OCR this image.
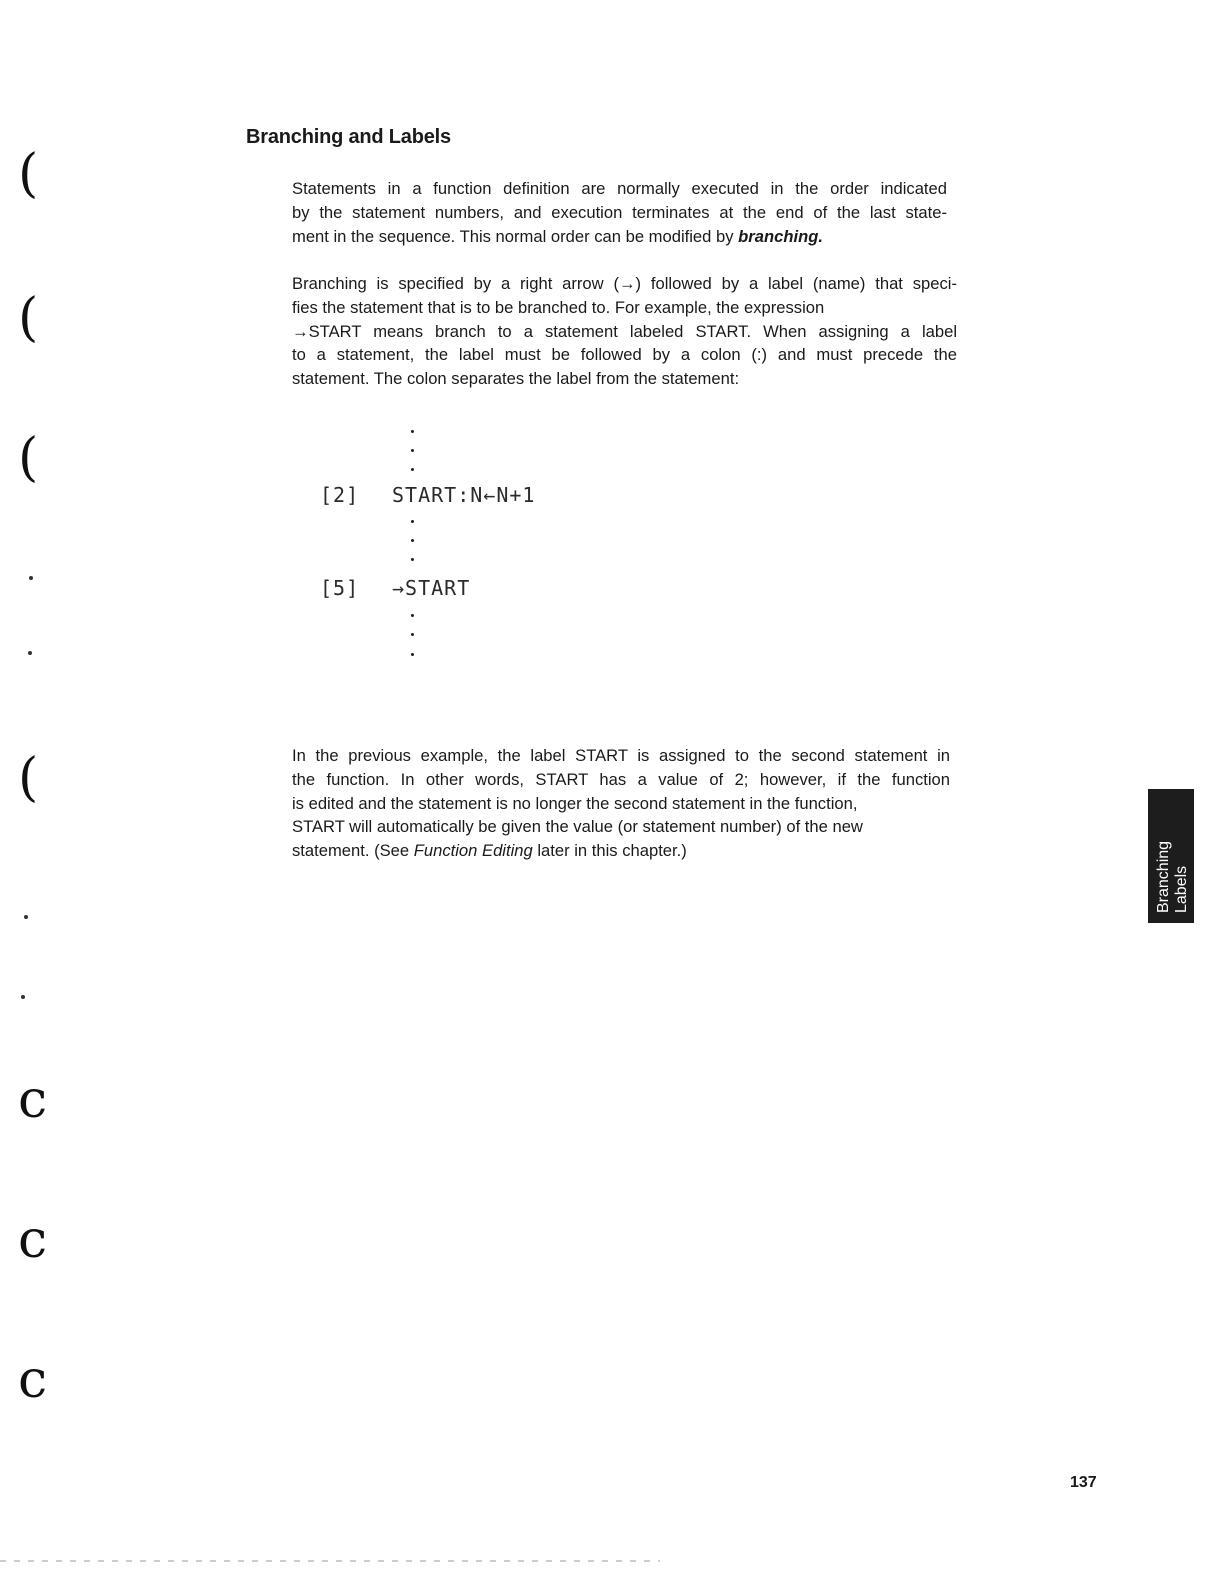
Branching and Labels

Statements in a function definition are normally executed in the order indicated
by the statement numbers, and execution terminates at the end of the last state-
ment in the sequence. This normal order can be modified by branching.

Branching is specified by a right arrow (→) followed by a label (name) that speci-
fies the statement that is to be branched to. For example, the expression
→START means branch to a statement labeled START. When assigning a label
to a statement, the label must be followed by a colon (:) and must precede the
statement. The colon separates the label from the statement:

[2] START:N←N+1
[5] →START

In the previous example, the label START is assigned to the second statement in
the function. In other words, START has a value of 2; however, if the function
is edited and the statement is no longer the second statement in the function,
START will automatically be given the value (or statement number) of the new
statement. (See Function Editing later in this chapter.)

(
(
(
(
c
c
c
Branching Labels
137
